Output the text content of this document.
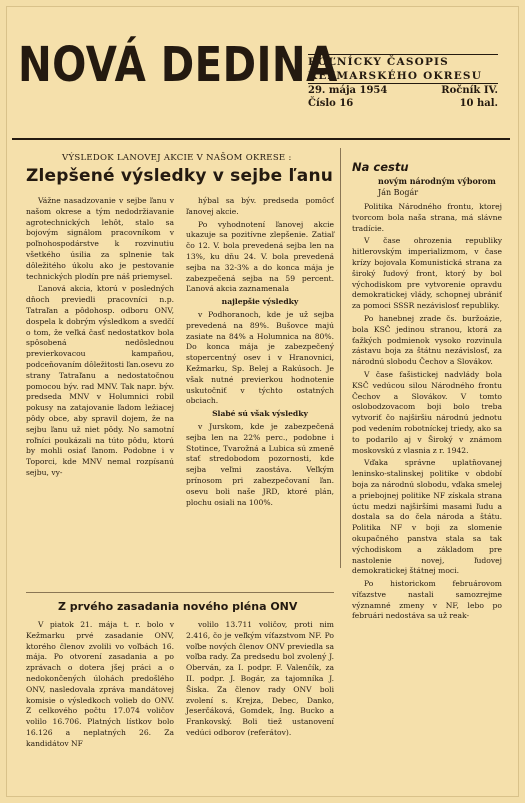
NOVÁ DEDINA
ROĽNÍCKY ČASOPIS
KEŽMARSKÉHO OKRESU
29. mája 1954	Ročník IV.
Číslo 16	10 hal.
VÝSLEDOK LANOVEJ AKCIE V NAŠOM OKRESE :
Zlepšené výsledky v sejbe ľanu

Vážne nasadzovanie v sejbe ľanu v našom okrese a tým nedodržiavanie agrotechnických lehôt, stalo sa bojovým signálom pracovníkom v poľnohospodárstve k rozvinutiu všetkého úsilia za splnenie tak dôležitého úkolu ako je pestovanie technických plodín pre náš priemysel.

Ľanová akcia, ktorú v posledných dňoch previedli pracovníci n.p. Tatraľan a pôdohosp. odboru ONV, dospela k dobrým výsledkom a svedčí o tom, že veľká časť nedostatkov bola spôsobená nedôslednou previerkovacou kampaňou, podceňovaním dôležitosti ľan.osevu zo strany Tatraľanu a nedostatočnou pomocou býv. rad MNV. Tak napr. býv. predseda MNV v Holumnici robil pokusy na zatajovanie ľadom ležiacej pôdy obce, aby spravil dojem, že na sejbu ľanu už niet pôdy. No samotní roľníci poukázali na túto pôdu, ktorú by mohli osiať ľanom. Podobne i v Toporci, kde MNV nemal rozpísanú sejbu, vy-

hýbal sa býv. predseda pomôcť ľanovej akcie.

Po vyhodnotení ľanovej akcie ukazuje sa pozitívne zlepšenie. Zatiaľ čo 12. V. bola prevedená sejba len na 13%, ku dňu 24. V. bola prevedená sejba na 32-3% a do konca mája je zabezpečená sejba na 59 percent. Ľanová akcia zaznamenala

najlepšie výsledky

v Podhoranoch, kde je už sejba prevedená na 89%. Bušovce majú zasiate na 84% a Holumnica na 80%. Do konca mája je zabezpečený stopercentný osev i v Hranovnici, Kežmarku, Sp. Belej a Rakúsoch. Je však nutné previerkou hodnotenie uskutočniť v týchto ostatných obciach.

Slabé sú však výsledky

v Jurskom, kde je zabezpečená sejba len na 22% perc., podobne i Stotince, Tvarožná a Lubica sú zmeně stať stredobodom pozornosti, kde sejba veľmi zaostáva. Veľkým prínosom pri zabezpečovaní ľan. osevu boli naše JRD, ktoré plán, plochu osiali na 100%.

Na cestu
novým národným výborom
Ján Bogár

Politika Národného frontu, ktorej tvorcom bola naša strana, má slávne tradície.

V čase ohrozenia republiky hitlerovským imperializmom, v čase krízy bojovala Komunistická strana za široký ľudový front, ktorý by bol východiskom pre vytvorenie opravdu demokratickej vlády, schopnej ubrániť za pomoci SSSR nezávislosť republiky.

Po hanebnej zrade čs. buržoázie, bola KSČ jedinou stranou, ktorá za ťažkých podmienok vysoko rozvinula zástavu boja za štátnu nezávislosť, za národnú slobodu Čechov a Slovákov.

V čase fašistickej nadvlády bola KSČ vedúcou silou Národného frontu Čechov a Slovákov. V tomto oslobodzovacom boji bolo treba vytvoriť čo najširšiu národnú jednotu pod vedením robotníckej triedy, ako sa to podarilo aj v Široký v známom moskovskú z vlasnia z r. 1942.

Vďaka správne uplatňovanej leninsko-stalinskej politike v období boja za národnú slobodu, vďaka smelej a priebojnej politike NF získala strana úctu medzi najširšími masami ľudu a dostala sa do čela národa a štátu. Politika NF v boji za slomenie okupačného panstva stala sa tak východiskom a základom pre nastolenie novej, ľudovej demokratickej štátnej moci.

Po historickom februárovom víťazstve nastali samozrejme významné zmeny v NF, lebo po februári nedostáva sa už reak-

Z prvého zasadania nového pléna ONV

V piatok 21. mája t. r. bolo v Kežmarku prvé zasadanie ONV, ktorého členov zvolili vo voľbách 16. mája. Po otvorení zasadania a po zprávach o dotera jšej práci a o nedokončených úlohách predošlého ONV, nasledovala zpráva mandátovej komisie o výsledkoch volieb do ONV. Z celkového počtu 17.074 voličov volilo 16.706. Platných lístkov bolo 16.126 a neplatných 26. Za kandidátov NF

volilo 13.711 voličov, proti nim 2.416, čo je veľkým víťazstvom NF. Po voľbe nových členov ONV previedla sa voľba rady. Za predsedu bol zvolený J. Oberván, za I. podpr. F. Valenčík, za II. podpr. J. Bogár, za tajomníka J. Šiska. Za členov rady ONV boli zvolení s. Krejza, Debec, Danko, Jeserčáková, Gomdek, Ing. Bucko a Frankovský. Boli tiež ustanovení vedúci odborov (referátov).
